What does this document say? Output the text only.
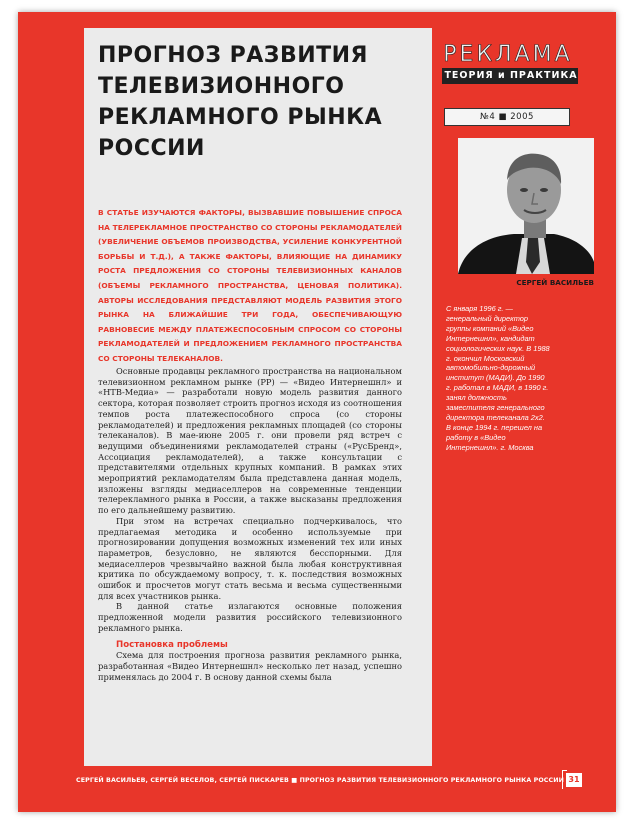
РЕКЛАМА
ТЕОРИЯ и ПРАКТИКА
№4 ■ 2005
СЕРГЕЙ ВАСИЛЬЕВ
С января 1996 г. — генеральный директор группы компаний «Видео Интернешнл», кандидат социологических наук. В 1988 г. окончил Московский автомобильно-дорожный институт (МАДИ). До 1990 г. работал в МАДИ, в 1990 г. занял должность заместителя генерального директора телеканала 2х2. В конце 1994 г. перешел на работу в «Видео Интернешнл». г. Москва
СЕРГЕЙ ВАСИЛЬЕВ, СЕРГЕЙ ВЕСЕЛОВ, СЕРГЕЙ ПИСКАРЕВ ■ ПРОГНОЗ РАЗВИТИЯ ТЕЛЕВИЗИОННОГО РЕКЛАМНОГО РЫНКА РОССИИ 31
ПРОГНОЗ РАЗВИТИЯ ТЕЛЕВИЗИОННОГО РЕКЛАМНОГО РЫНКА РОССИИ

В СТАТЬЕ ИЗУЧАЮТСЯ ФАКТОРЫ, ВЫЗВАВШИЕ ПОВЫШЕНИЕ СПРОСА НА ТЕЛЕРЕКЛАМНОЕ ПРОСТРАНСТВО СО СТОРОНЫ РЕКЛАМОДАТЕЛЕЙ (УВЕЛИЧЕНИЕ ОБЪЕМОВ ПРОИЗВОДСТВА, УСИЛЕНИЕ КОНКУРЕНТНОЙ БОРЬБЫ И Т.Д.), А ТАКЖЕ ФАКТОРЫ, ВЛИЯЮЩИЕ НА ДИНАМИКУ РОСТА ПРЕДЛОЖЕНИЯ СО СТОРОНЫ ТЕЛЕВИЗИОННЫХ КАНАЛОВ (ОБЪЕМЫ РЕКЛАМНОГО ПРОСТРАНСТВА, ЦЕНОВАЯ ПОЛИТИКА). АВТОРЫ ИССЛЕДОВАНИЯ ПРЕДСТАВЛЯЮТ МОДЕЛЬ РАЗВИТИЯ ЭТОГО РЫНКА НА БЛИЖАЙШИЕ ТРИ ГОДА, ОБЕСПЕЧИВАЮЩУЮ РАВНОВЕСИЕ МЕЖДУ ПЛАТЕЖЕСПОСОБНЫМ СПРОСОМ СО СТОРОНЫ РЕКЛАМОДАТЕЛЕЙ И ПРЕДЛОЖЕНИЕМ РЕКЛАМНОГО ПРОСТРАНСТВА СО СТОРОНЫ ТЕЛЕКАНАЛОВ.

Основные продавцы рекламного пространства на национальном телевизионном рекламном рынке (РР) — «Видео Интернешнл» и «НТВ-Медиа» — разработали новую модель развития данного сектора, которая позволяет строить прогноз исходя из соотношения темпов роста платежеспособного спроса (со стороны рекламодателей) и предложения рекламных площадей (со стороны телеканалов). В мае-июне 2005 г. они провели ряд встреч с ведущими объединениями рекламодателей страны («РусБренд», Ассоциация рекламодателей), а также консультации с представителями отдельных крупных компаний. В рамках этих мероприятий рекламодателям была представлена данная модель, изложены взгляды медиаселлеров на современные тенденции телерекламного рынка в России, а также высказаны предложения по его дальнейшему развитию.

При этом на встречах специально подчеркивалось, что предлагаемая методика и особенно используемые при прогнозировании допущения возможных изменений тех или иных параметров, безусловно, не являются бесспорными. Для медиаселлеров чрезвычайно важной была любая конструктивная критика по обсуждаемому вопросу, т. к. последствия возможных ошибок и просчетов могут стать весьма и весьма существенными для всех участников рынка.

В данной статье излагаются основные положения предложенной модели развития российского телевизионного рекламного рынка.

Постановка проблемы

Схема для построения прогноза развития рекламного рынка, разработанная «Видео Интернешнл» несколько лет назад, успешно применялась до 2004 г. В основу данной схемы была
